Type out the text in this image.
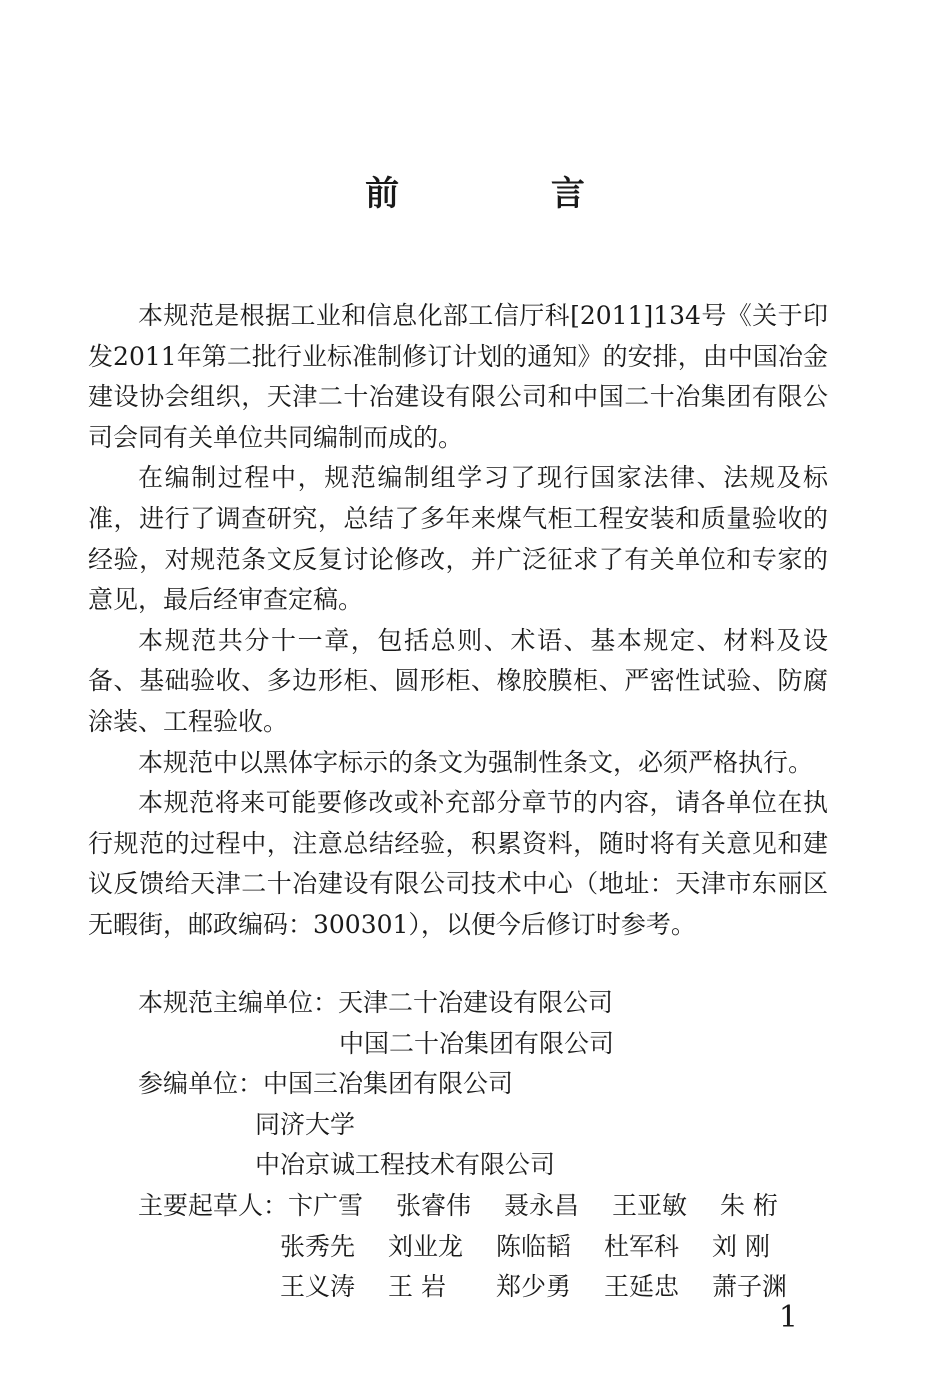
前 言

本规范是根据工业和信息化部工信厅科[2011]134号《关于印发2011年第二批行业标准制修订计划的通知》的安排，由中国冶金建设协会组织，天津二十冶建设有限公司和中国二十冶集团有限公司会同有关单位共同编制而成的。

在编制过程中，规范编制组学习了现行国家法律、法规及标准，进行了调查研究，总结了多年来煤气柜工程安装和质量验收的经验，对规范条文反复讨论修改，并广泛征求了有关单位和专家的意见，最后经审查定稿。

本规范共分十一章，包括总则、术语、基本规定、材料及设备、基础验收、多边形柜、圆形柜、橡胶膜柜、严密性试验、防腐涂装、工程验收。

本规范中以黑体字标示的条文为强制性条文，必须严格执行。

本规范将来可能要修改或补充部分章节的内容，请各单位在执行规范的过程中，注意总结经验，积累资料，随时将有关意见和建议反馈给天津二十冶建设有限公司技术中心（地址：天津市东丽区无暇街，邮政编码：300301），以便今后修订时参考。

本规范主编单位： 天津二十冶建设有限公司
中国二十冶集团有限公司
参编单位： 中国三冶集团有限公司
同济大学
中冶京诚工程技术有限公司
主要起草人： 卞广雪	张睿伟	聂永昌	王亚敏	朱 桁
张秀先	刘业龙	陈临韬	杜军科	刘 刚
王义涛	王 岩	郑少勇	王延忠	萧子渊
1
